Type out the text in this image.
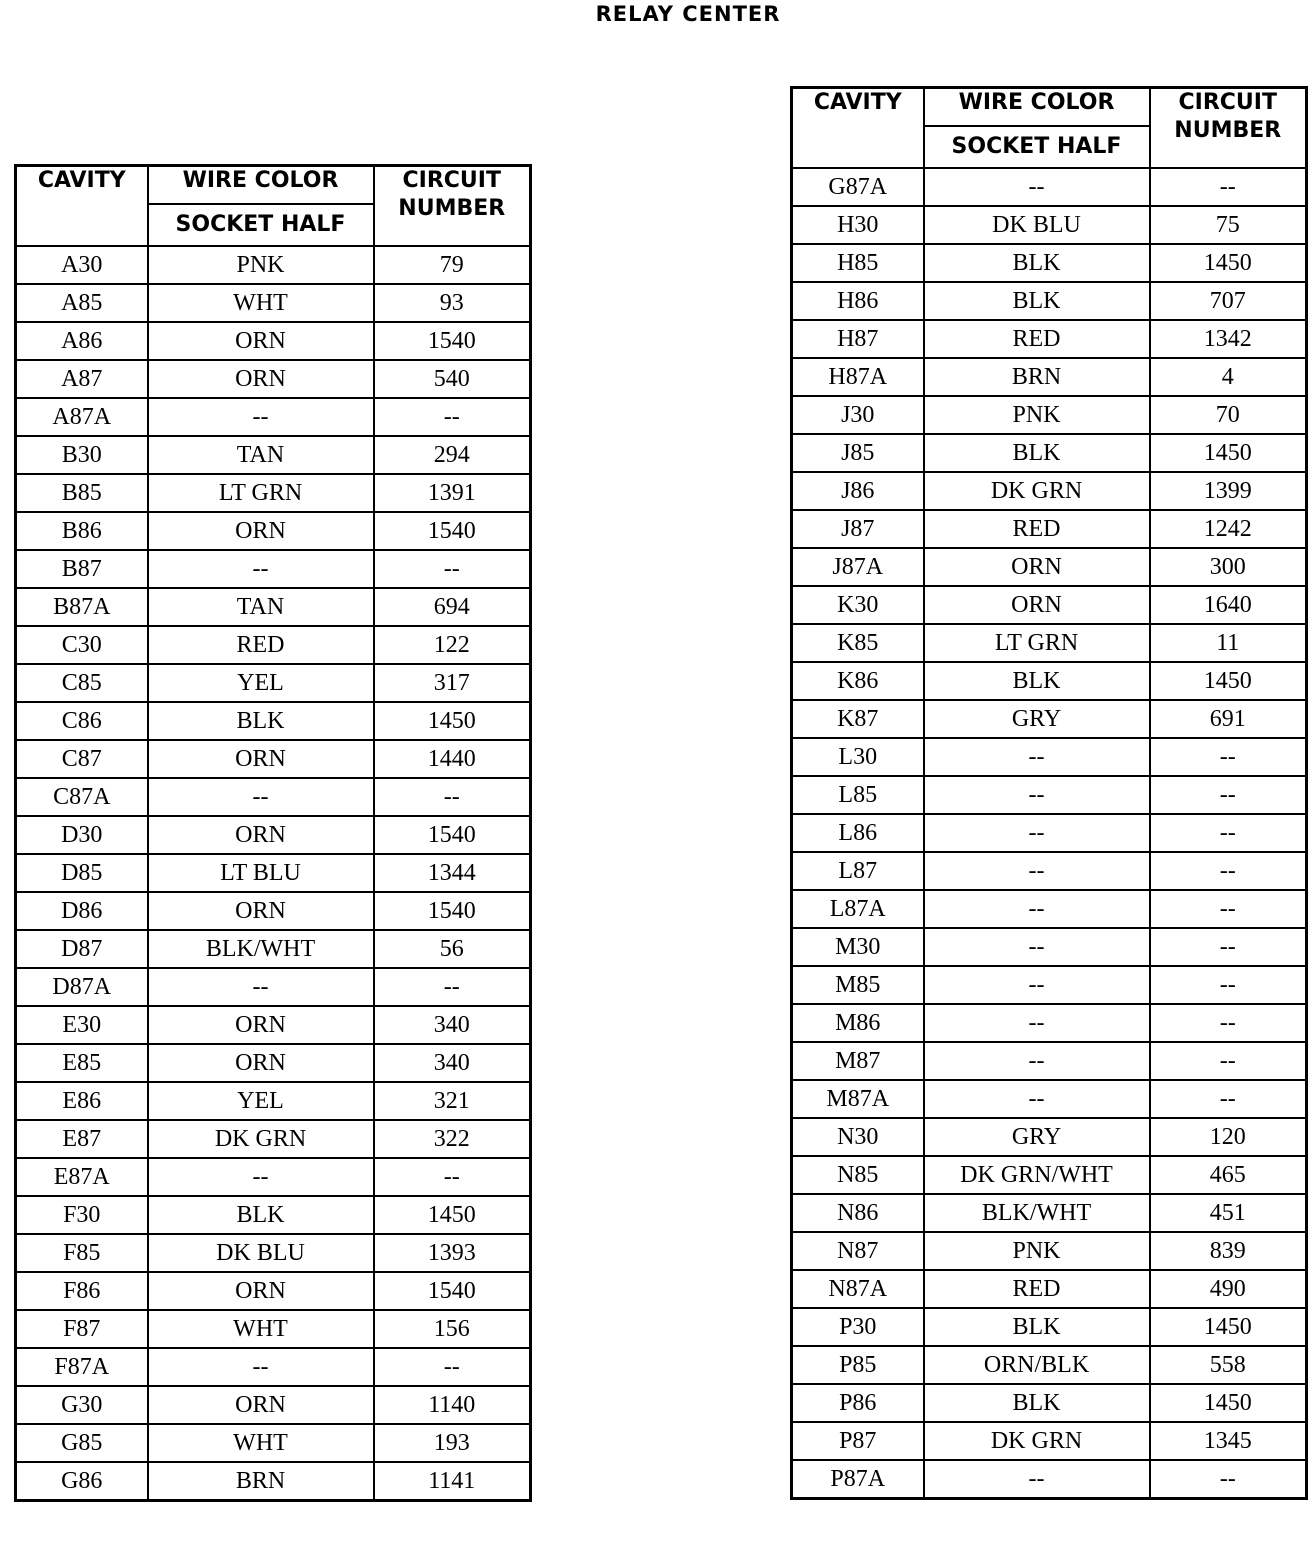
RELAY CENTER
CAVITY	WIRE COLOR	CIRCUIT
NUMBER
	SOCKET HALF	
A30	PNK	79
A85	WHT	93
A86	ORN	1540
A87	ORN	540
A87A	--	--
B30	TAN	294
B85	LT GRN	1391
B86	ORN	1540
B87	--	--
B87A	TAN	694
C30	RED	122
C85	YEL	317
C86	BLK	1450
C87	ORN	1440
C87A	--	--
D30	ORN	1540
D85	LT BLU	1344
D86	ORN	1540
D87	BLK/WHT	56
D87A	--	--
E30	ORN	340
E85	ORN	340
E86	YEL	321
E87	DK GRN	322
E87A	--	--
F30	BLK	1450
F85	DK BLU	1393
F86	ORN	1540
F87	WHT	156
F87A	--	--
G30	ORN	1140
G85	WHT	193
G86	BRN	1141
CAVITY	WIRE COLOR	CIRCUIT
NUMBER
	SOCKET HALF	
G87A	--	--
H30	DK BLU	75
H85	BLK	1450
H86	BLK	707
H87	RED	1342
H87A	BRN	4
J30	PNK	70
J85	BLK	1450
J86	DK GRN	1399
J87	RED	1242
J87A	ORN	300
K30	ORN	1640
K85	LT GRN	11
K86	BLK	1450
K87	GRY	691
L30	--	--
L85	--	--
L86	--	--
L87	--	--
L87A	--	--
M30	--	--
M85	--	--
M86	--	--
M87	--	--
M87A	--	--
N30	GRY	120
N85	DK GRN/WHT	465
N86	BLK/WHT	451
N87	PNK	839
N87A	RED	490
P30	BLK	1450
P85	ORN/BLK	558
P86	BLK	1450
P87	DK GRN	1345
P87A	--	--
